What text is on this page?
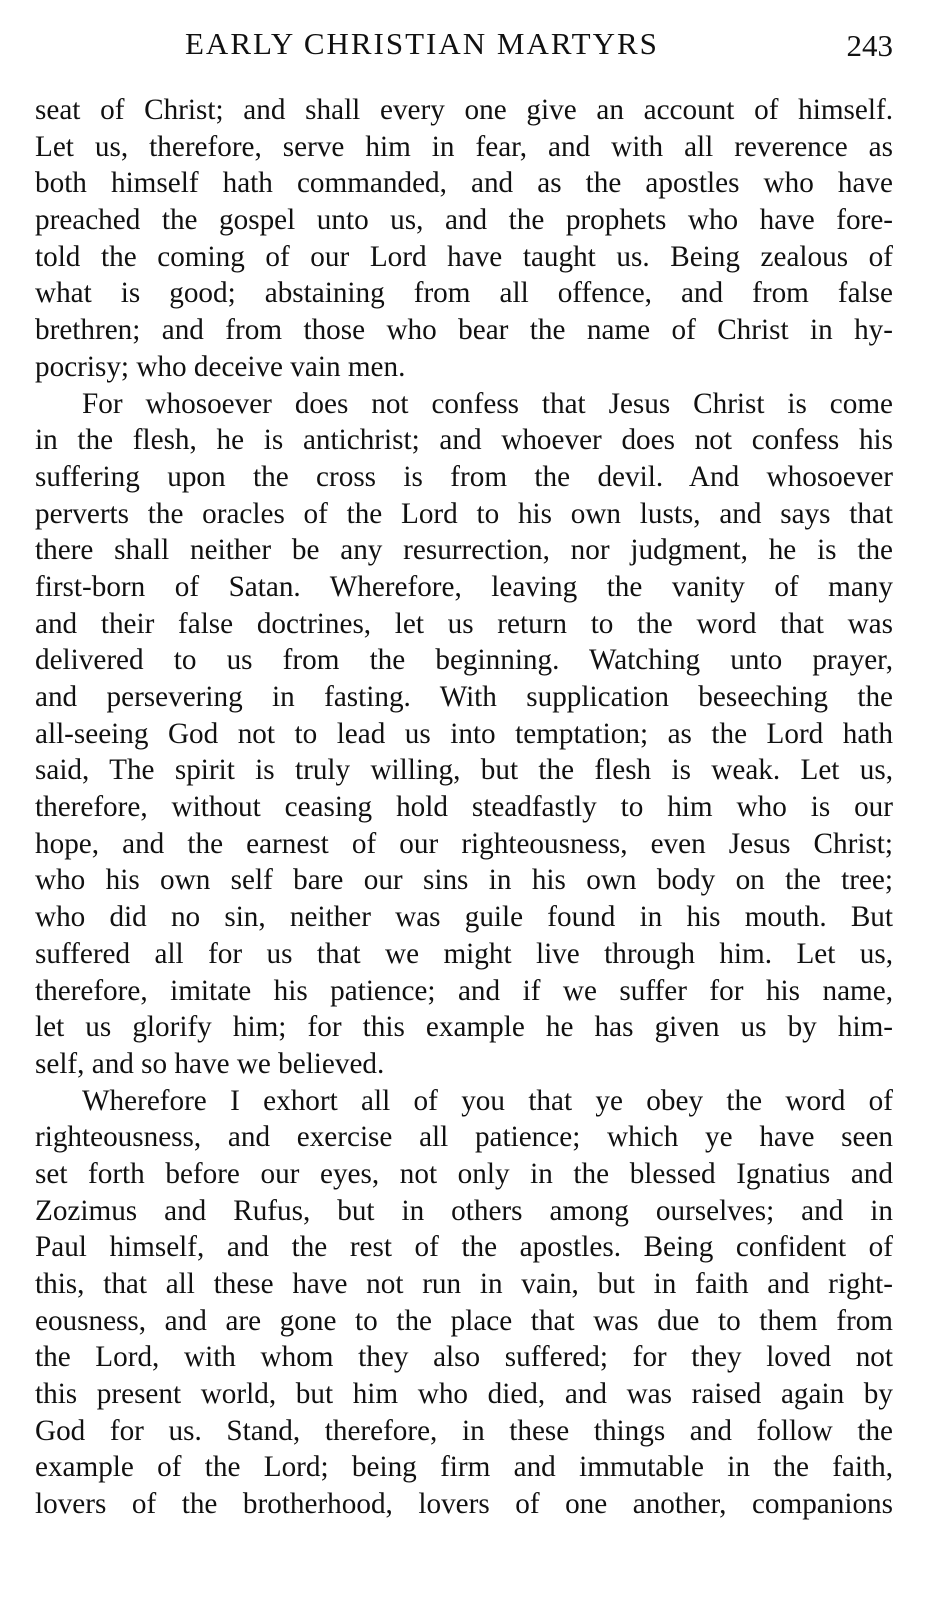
EARLY CHRISTIAN MARTYRS	243
seat of Christ; and shall every one give an account of himself.
Let us, therefore, serve him in fear, and with all reverence as
both himself hath commanded, and as the apostles who have
preached the gospel unto us, and the prophets who have fore-
told the coming of our Lord have taught us. Being zealous of
what is good; abstaining from all offence, and from false
brethren; and from those who bear the name of Christ in hy-
pocrisy; who deceive vain men.
For whosoever does not confess that Jesus Christ is come
in the flesh, he is antichrist; and whoever does not confess his
suffering upon the cross is from the devil. And whosoever
perverts the oracles of the Lord to his own lusts, and says that
there shall neither be any resurrection, nor judgment, he is the
first-born of Satan. Wherefore, leaving the vanity of many
and their false doctrines, let us return to the word that was
delivered to us from the beginning. Watching unto prayer,
and persevering in fasting. With supplication beseeching the
all-seeing God not to lead us into temptation; as the Lord hath
said, The spirit is truly willing, but the flesh is weak. Let us,
therefore, without ceasing hold steadfastly to him who is our
hope, and the earnest of our righteousness, even Jesus Christ;
who his own self bare our sins in his own body on the tree;
who did no sin, neither was guile found in his mouth. But
suffered all for us that we might live through him. Let us,
therefore, imitate his patience; and if we suffer for his name,
let us glorify him; for this example he has given us by him-
self, and so have we believed.
Wherefore I exhort all of you that ye obey the word of
righteousness, and exercise all patience; which ye have seen
set forth before our eyes, not only in the blessed Ignatius and
Zozimus and Rufus, but in others among ourselves; and in
Paul himself, and the rest of the apostles. Being confident of
this, that all these have not run in vain, but in faith and right-
eousness, and are gone to the place that was due to them from
the Lord, with whom they also suffered; for they loved not
this present world, but him who died, and was raised again by
God for us. Stand, therefore, in these things and follow the
example of the Lord; being firm and immutable in the faith,
lovers of the brotherhood, lovers of one another, companions
